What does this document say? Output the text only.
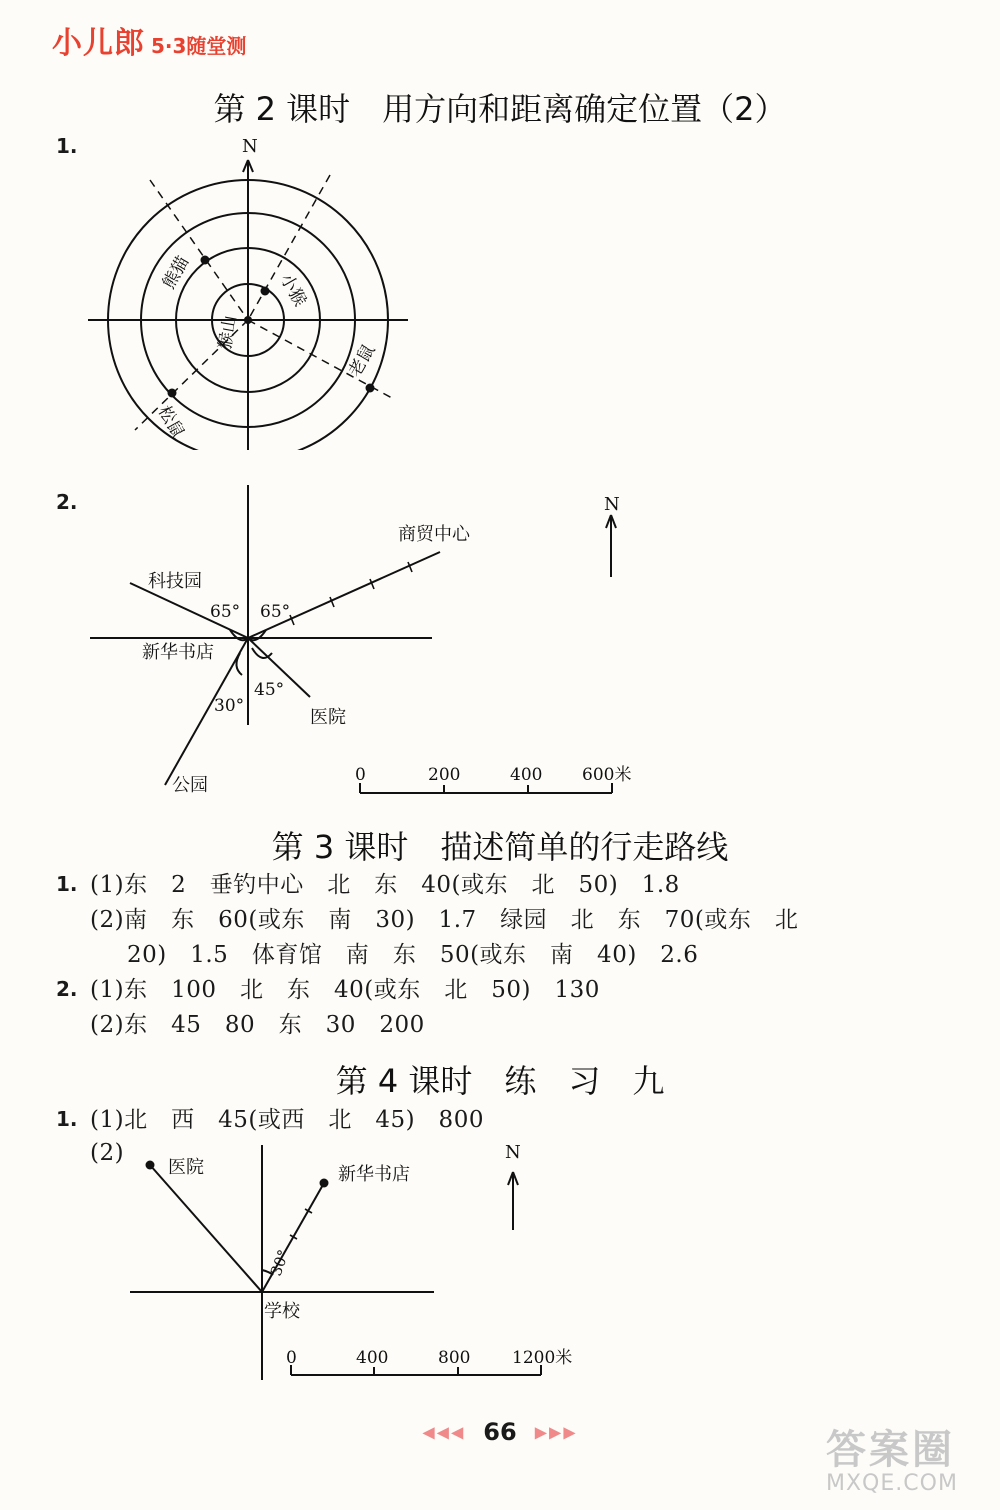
小儿郎 5·3随堂测
第 2 课时　用方向和距离确定位置（2）
1.	N
熊猫	小猴
猴山
松鼠
老鼠
2.	N
商贸中心
科技园
新华书店
医院
公园
65° 65°
30°
45°
0	200	400 600米
第 3 课时　描述简单的行走路线
1. (1)东　2　垂钓中心　北　东　40(或东　北　50)　1.8
(2)南　东　60(或东　南　30)　1.7　绿园　北　东　70(或东　北
20)　1.5　体育馆　南　东　50(或东　南　40)　2.6
2. (1)东　100　北　东　40(或东　北　50)　130
(2)东　45　80　东　30　200
第 4 课时　练　习　九
1. (1)北　西　45(或西　北　45)　800
(2)	N
医院	新华书店
学校
30°
0	400	800 1200米
◀◀◀ 66 ▶▶▶	答案圈
MXQE.COM
